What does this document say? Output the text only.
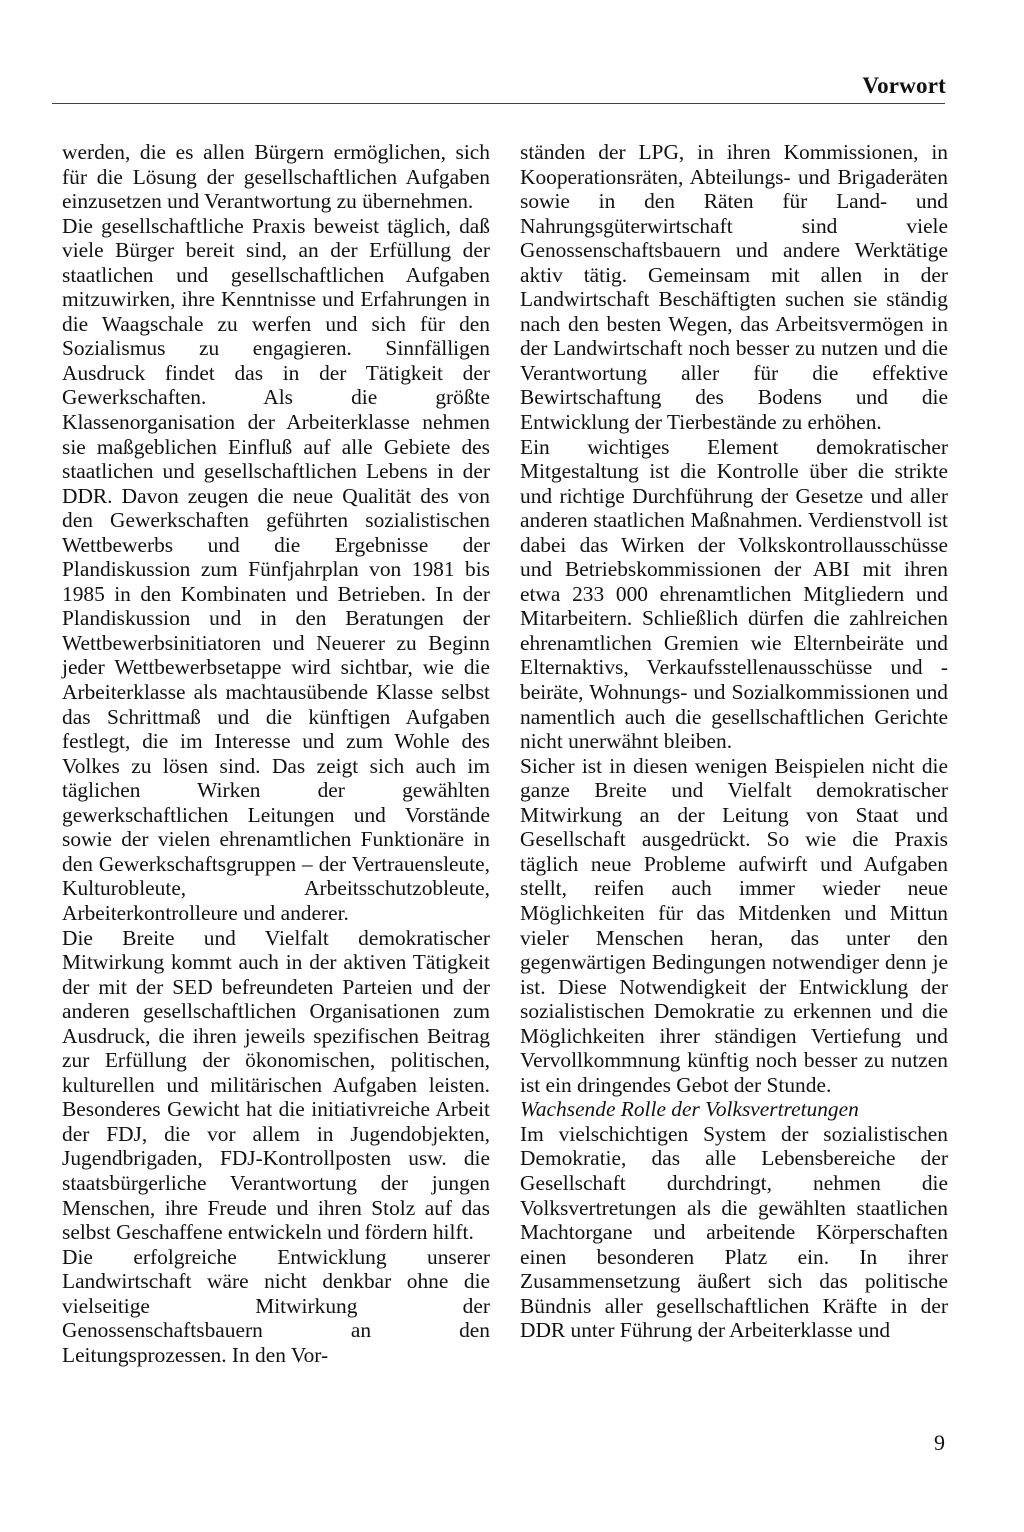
Vorwort

werden, die es allen Bürgern ermöglichen, sich für die Lösung der gesellschaftlichen Aufgaben einzusetzen und Verantwortung zu übernehmen.

Die gesellschaftliche Praxis beweist täglich, daß viele Bürger bereit sind, an der Erfüllung der staatlichen und gesellschaftlichen Aufgaben mitzuwirken, ihre Kenntnisse und Erfahrungen in die Waagschale zu werfen und sich für den Sozialismus zu engagieren. Sinnfälligen Ausdruck findet das in der Tätigkeit der Gewerkschaften. Als die größte Klassenorganisation der Arbeiterklasse nehmen sie maßgeblichen Einfluß auf alle Gebiete des staatlichen und gesellschaftlichen Lebens in der DDR. Davon zeugen die neue Qualität des von den Gewerkschaften geführten sozialistischen Wettbewerbs und die Ergebnisse der Plandiskussion zum Fünfjahrplan von 1981 bis 1985 in den Kombinaten und Betrieben. In der Plandiskussion und in den Beratungen der Wettbewerbsinitiatoren und Neuerer zu Beginn jeder Wettbewerbsetappe wird sichtbar, wie die Arbeiterklasse als machtausübende Klasse selbst das Schrittmaß und die künftigen Aufgaben festlegt, die im Interesse und zum Wohle des Volkes zu lösen sind. Das zeigt sich auch im täglichen Wirken der gewählten gewerkschaftlichen Leitungen und Vorstände sowie der vielen ehrenamtlichen Funktionäre in den Gewerkschaftsgruppen – der Vertrauensleute, Kulturobleute, Arbeitsschutzobleute, Arbeiterkontrolleure und anderer.

Die Breite und Vielfalt demokratischer Mitwirkung kommt auch in der aktiven Tätigkeit der mit der SED befreundeten Parteien und der anderen gesellschaftlichen Organisationen zum Ausdruck, die ihren jeweils spezifischen Beitrag zur Erfüllung der ökonomischen, politischen, kulturellen und militärischen Aufgaben leisten. Besonderes Gewicht hat die initiativreiche Arbeit der FDJ, die vor allem in Jugendobjekten, Jugendbrigaden, FDJ-Kontrollposten usw. die staatsbürgerliche Verantwortung der jungen Menschen, ihre Freude und ihren Stolz auf das selbst Geschaffene entwickeln und fördern hilft.

Die erfolgreiche Entwicklung unserer Landwirtschaft wäre nicht denkbar ohne die vielseitige Mitwirkung der Genossenschaftsbauern an den Leitungsprozessen. In den Vor-

ständen der LPG, in ihren Kommissionen, in Kooperationsräten, Abteilungs- und Brigaderäten sowie in den Räten für Land- und Nahrungsgüterwirtschaft sind viele Genossenschaftsbauern und andere Werktätige aktiv tätig. Gemeinsam mit allen in der Landwirtschaft Beschäftigten suchen sie ständig nach den besten Wegen, das Arbeitsvermögen in der Landwirtschaft noch besser zu nutzen und die Verantwortung aller für die effektive Bewirtschaftung des Bodens und die Entwicklung der Tierbestände zu erhöhen.

Ein wichtiges Element demokratischer Mitgestaltung ist die Kontrolle über die strikte und richtige Durchführung der Gesetze und aller anderen staatlichen Maßnahmen. Verdienstvoll ist dabei das Wirken der Volkskontrollausschüsse und Betriebskommissionen der ABI mit ihren etwa 233 000 ehrenamtlichen Mitgliedern und Mitarbeitern. Schließlich dürfen die zahlreichen ehrenamtlichen Gremien wie Elternbeiräte und Elternaktivs, Verkaufsstellenausschüsse und -beiräte, Wohnungs- und Sozialkommissionen und namentlich auch die gesellschaftlichen Gerichte nicht unerwähnt bleiben.

Sicher ist in diesen wenigen Beispielen nicht die ganze Breite und Vielfalt demokratischer Mitwirkung an der Leitung von Staat und Gesellschaft ausgedrückt. So wie die Praxis täglich neue Probleme aufwirft und Aufgaben stellt, reifen auch immer wieder neue Möglichkeiten für das Mitdenken und Mittun vieler Menschen heran, das unter den gegenwärtigen Bedingungen notwendiger denn je ist. Diese Notwendigkeit der Entwicklung der sozialistischen Demokratie zu erkennen und die Möglichkeiten ihrer ständigen Vertiefung und Vervollkommnung künftig noch besser zu nutzen ist ein dringendes Gebot der Stunde.

Wachsende Rolle der Volksvertretungen

Im vielschichtigen System der sozialistischen Demokratie, das alle Lebensbereiche der Gesellschaft durchdringt, nehmen die Volksvertretungen als die gewählten staatlichen Machtorgane und arbeitende Körperschaften einen besonderen Platz ein. In ihrer Zusammensetzung äußert sich das politische Bündnis aller gesellschaftlichen Kräfte in der DDR unter Führung der Arbeiterklasse und

9
